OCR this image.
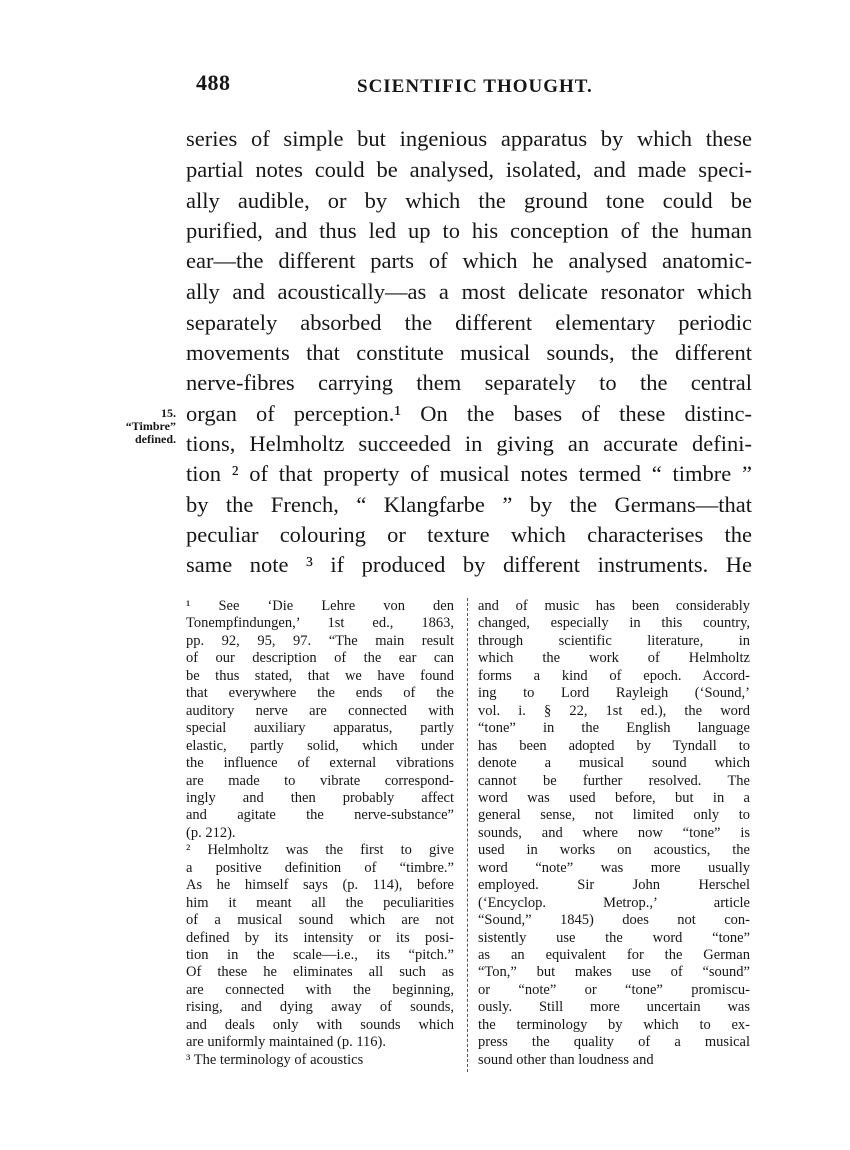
488	SCIENTIFIC THOUGHT.
series of simple but ingenious apparatus by which these
partial notes could be analysed, isolated, and made speci-
ally audible, or by which the ground tone could be
purified, and thus led up to his conception of the human
ear—the different parts of which he analysed anatomic-
ally and acoustically—as a most delicate resonator which
separately absorbed the different elementary periodic
movements that constitute musical sounds, the different
nerve-fibres carrying them separately to the central
organ of perception.¹ On the bases of these distinc-
tions, Helmholtz succeeded in giving an accurate defini-
tion ² of that property of musical notes termed “ timbre ”
by the French, “ Klangfarbe ” by the Germans—that
peculiar colouring or texture which characterises the
same note ³ if produced by different instruments. He
15.
“Timbre”
defined.
¹ See ‘Die Lehre von den
Tonempfindungen,’ 1st ed., 1863,
pp. 92, 95, 97. “The main result
of our description of the ear can
be thus stated, that we have found
that everywhere the ends of the
auditory nerve are connected with
special auxiliary apparatus, partly
elastic, partly solid, which under
the influence of external vibrations
are made to vibrate correspond-
ingly and then probably affect
and agitate the nerve-substance”
(p. 212).
² Helmholtz was the first to give
a positive definition of “timbre.”
As he himself says (p. 114), before
him it meant all the peculiarities
of a musical sound which are not
defined by its intensity or its posi-
tion in the scale—i.e., its “pitch.”
Of these he eliminates all such as
are connected with the beginning,
rising, and dying away of sounds,
and deals only with sounds which
are uniformly maintained (p. 116).
³ The terminology of acoustics
and of music has been considerably
changed, especially in this country,
through scientific literature, in
which the work of Helmholtz
forms a kind of epoch. Accord-
ing to Lord Rayleigh (‘Sound,’
vol. i. § 22, 1st ed.), the word
“tone” in the English language
has been adopted by Tyndall to
denote a musical sound which
cannot be further resolved. The
word was used before, but in a
general sense, not limited only to
sounds, and where now “tone” is
used in works on acoustics, the
word “note” was more usually
employed. Sir John Herschel
(‘Encyclop. Metrop.,’ article
“Sound,” 1845) does not con-
sistently use the word “tone”
as an equivalent for the German
“Ton,” but makes use of “sound”
or “note” or “tone” promiscu-
ously. Still more uncertain was
the terminology by which to ex-
press the quality of a musical
sound other than loudness and
